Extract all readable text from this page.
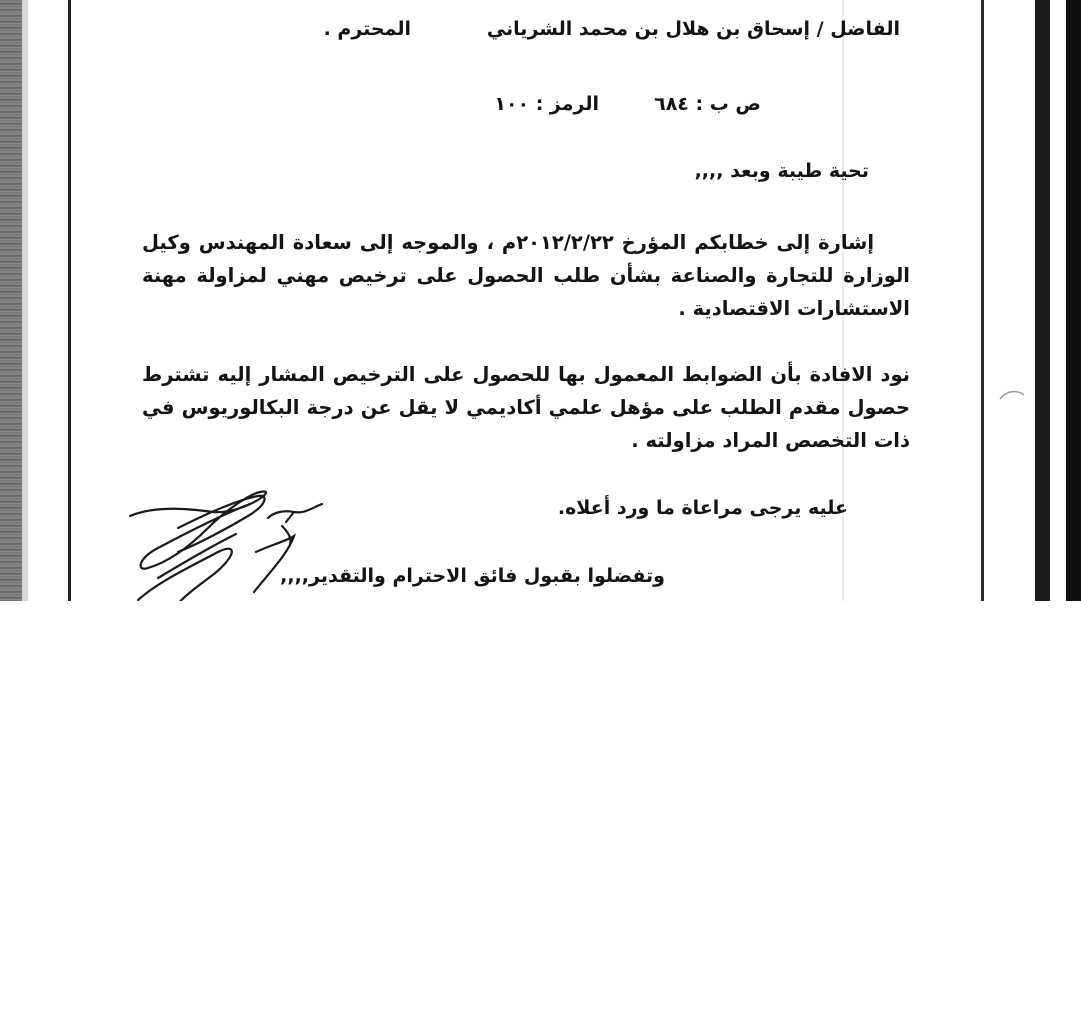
الفاضل / إسحاق بن هلال بن محمد الشرياني
المحترم .
ص ب : ٦٨٤
الرمز : ١٠٠
تحية طيبة وبعد ,,,,
إشارة إلى خطابكم المؤرخ ٢٠١٢/٢/٢٢م ، والموجه إلى سعادة المهندس وكيل الوزارة للتجارة والصناعة بشأن طلب الحصول على ترخيص مهني لمزاولة مهنة الاستشارات الاقتصادية .
نود الافادة بأن الضوابط المعمول بها للحصول على الترخيص المشار إليه تشترط حصول مقدم الطلب على مؤهل علمي أكاديمي لا يقل عن درجة البكالوريوس في ذات التخصص المراد مزاولته .
عليه يرجى مراعاة ما ورد أعلاه.
وتفضلوا بقبول فائق الاحترام والتقدير,,,,
